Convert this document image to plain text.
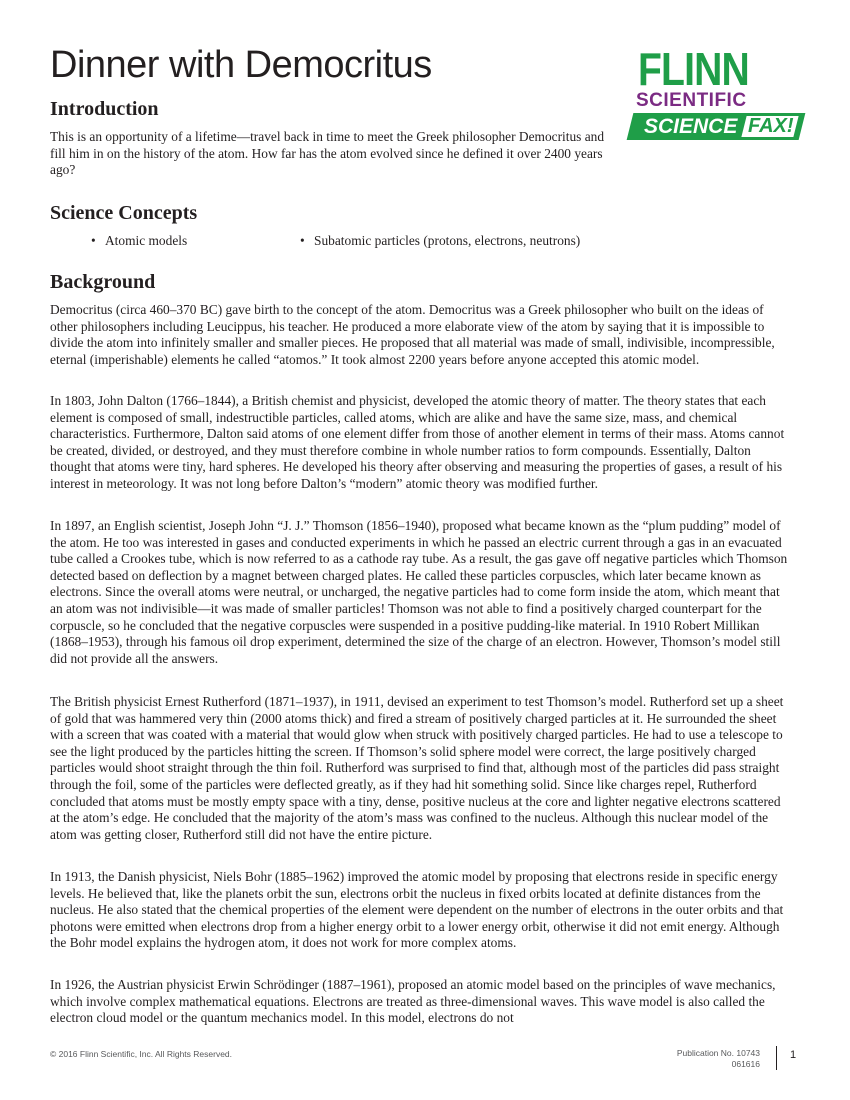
Dinner with Democritus	FLINN
SCIENTIFIC
SCIENCE FAX!
Introduction

This is an opportunity of a lifetime—travel back in time to meet the Greek philosopher Democritus and fill him in on the history of the atom. How far has the atom evolved since he defined it over 2400 years ago?

Science Concepts
• Atomic models	• Subatomic particles (protons, electrons, neutrons)
Background

Democritus (circa 460–370 BC) gave birth to the concept of the atom. Democritus was a Greek philosopher who built on the ideas of other philosophers including Leucippus, his teacher. He produced a more elaborate view of the atom by saying that it is impossible to divide the atom into infinitely smaller and smaller pieces. He proposed that all material was made of small, indivisible, incompressible, eternal (imperishable) elements he called “atomos.” It took almost 2200 years before anyone accepted this atomic model.

In 1803, John Dalton (1766–1844), a British chemist and physicist, developed the atomic theory of matter. The theory states that each element is composed of small, indestructible particles, called atoms, which are alike and have the same size, mass, and chemical characteristics. Furthermore, Dalton said atoms of one element differ from those of another element in terms of their mass. Atoms cannot be created, divided, or destroyed, and they must therefore combine in whole number ratios to form compounds. Essentially, Dalton thought that atoms were tiny, hard spheres. He developed his theory after observing and measuring the properties of gases, a result of his interest in meteorology. It was not long before Dalton’s “modern” atomic theory was modified further.

In 1897, an English scientist, Joseph John “J. J.” Thomson (1856–1940), proposed what became known as the “plum pudding” model of the atom. He too was interested in gases and conducted experiments in which he passed an electric current through a gas in an evacuated tube called a Crookes tube, which is now referred to as a cathode ray tube. As a result, the gas gave off negative particles which Thomson detected based on deflection by a magnet between charged plates. He called these particles corpuscles, which later became known as electrons. Since the overall atoms were neutral, or uncharged, the negative particles had to come form inside the atom, which meant that an atom was not indivisible—it was made of smaller particles! Thomson was not able to find a positively charged counterpart for the corpuscle, so he concluded that the negative corpuscles were suspended in a positive pudding-like material. In 1910 Robert Millikan (1868–1953), through his famous oil drop experiment, determined the size of the charge of an electron. However, Thomson’s model still did not provide all the answers.

The British physicist Ernest Rutherford (1871–1937), in 1911, devised an experiment to test Thomson’s model. Rutherford set up a sheet of gold that was hammered very thin (2000 atoms thick) and fired a stream of positively charged particles at it. He surrounded the sheet with a screen that was coated with a material that would glow when struck with positively charged particles. He had to use a telescope to see the light produced by the particles hitting the screen. If Thomson’s solid sphere model were correct, the large positively charged particles would shoot straight through the thin foil. Rutherford was surprised to find that, although most of the particles did pass straight through the foil, some of the particles were deflected greatly, as if they had hit something solid. Since like charges repel, Rutherford concluded that atoms must be mostly empty space with a tiny, dense, positive nucleus at the core and lighter negative electrons scattered at the atom’s edge. He concluded that the majority of the atom’s mass was confined to the nucleus. Although this nuclear model of the atom was getting closer, Rutherford still did not have the entire picture.

In 1913, the Danish physicist, Niels Bohr (1885–1962) improved the atomic model by proposing that electrons reside in specific energy levels. He believed that, like the planets orbit the sun, electrons orbit the nucleus in fixed orbits located at definite distances from the nucleus. He also stated that the chemical properties of the element were dependent on the number of electrons in the outer orbits and that photons were emitted when electrons drop from a higher energy orbit to a lower energy orbit, otherwise it did not emit energy. Although the Bohr model explains the hydrogen atom, it does not work for more complex atoms.

In 1926, the Austrian physicist Erwin Schrödinger (1887–1961), proposed an atomic model based on the principles of wave mechanics, which involve complex mathematical equations. Electrons are treated as three-dimensional waves. This wave model is also called the electron cloud model or the quantum mechanics model. In this model, electrons do not

© 2016 Flinn Scientific, Inc. All Rights Reserved.	Publication No. 10743
061616
1
